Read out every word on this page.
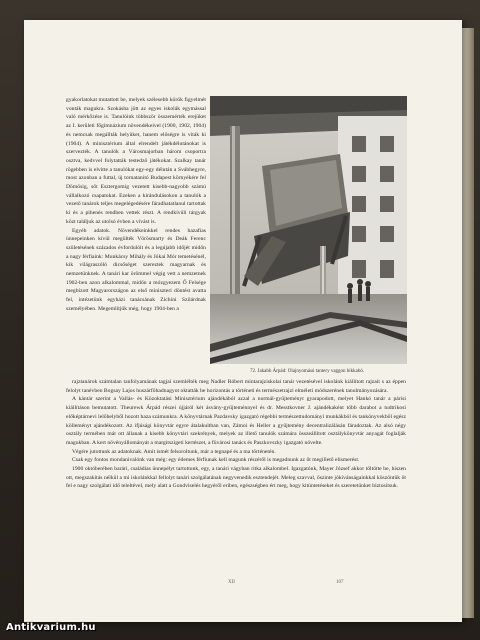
gyakorlatokat mutattott be, melyek szélesebb körök figyelmét vonták magukra. Szokásba jött az egyes iskolák egymással való mérkőzése is. Tanulóink többször összemérték erejüket az I. kerületi főgimnázium növendékeivel (1900, 1902, 1904) és nemcsak megállták helyüket, hanem előségre is viták ki (1904). A minisztérium által elrendelt játékdélutánokat is szervezték. A tanulók a Városmajorban három csoportra osztva, kedvvel folytatták testedző játékokat. Szalkay tanár rögebben is elvitte a tanulókat egy-egy délután a Svábhegyre, most azonban a futtal, új tornatanító Budapest környékére fel Dömösig, sőt Esztergomig vezetett kisebb-nagyobb számú vállalkozó csapatokat. Ezeken a kirándulásokon a tanulók a vezető tanárok teljes megelégedésére fáradhatatlanul tartottak ki és a pihenés rendben vettek részt. A rendkívüli tárgyak közt találjuk az utolsó évben a vívást is.

Egyéb adatok. Növendékeinkkel rendes hazafias ünnepeinken kívül megülték Vörösmarty és Deák Ferenc születésének százados évfordulóit és a legújabb időjét midőn a nagy férfiaink: Munkácsy Mihály és Jókai Mór temetésénél, kik világraszóló dicsőséget szereztek magyarnak és nemzetünknek. A tanári kar örömmel végig vett a nemzetnek 1902-ben azon alkalommal, midőn a mózgyezem Ő Felsége megbízott Magyarországon az első miniszteri döntést avatta fel, intézetünk egyházi tanácsának Zichini Szilárdnak személyében. Megemlítjük még, hogy 1904-ben a

72. Jakabb Árpád: Olajnyomású tantery vaggon bikkabó.

rajztanárok számtalan tanfolyamának tagjai szemlélték meg Nadler Róbert mintarajziskolai tanár vezetésével iskolánk kiállított rajzait s az éppen felolyt tanévben Bogsay Lajos huszárföhadnagyot oktatták be horizontás a történeti és természetrajzi elméleti módszerének tanulmányozására.

A kántár szerint a Vallás- és Közoktatási Minisztérium ajándékából azzal a normál-gyűjteményt gyarapodott, melyet Hankó tanár a párisi kiállításon bemutatott. Theurewk Árpád részei újjáról két ásvány-gyűjteménnyel és dr. Messtkovner J. ajándékaként több darabot a tudtrikosi előképtárnevi lelőhelyből hozott haza számunkra. A könyvtárnak Pazdavsky igazgató régebbi természettudományi munkákból és tankönyvekből egész kölleményt ajándékozott. Az ifjúsági könyvtár egyre átalakultban van, Zámoi és Heller a gyűjtemény decentralizálásán fáradoztak. Az alsó négy osztály termében már ott állanak a kisebb könyvtári szekrények, melyek az illető tanulók számára összeállított osztálykönyvtár anyagát foglalják magukban. A kert növényállományát a margitszigeti kertészet, a füvárosi tanács és Paszkovszky igazgató növelte.

Végére jutottunk az adatoknak. Amit ismét felsoroltunk, már a tegnapé és a ma történetén.

Csak egy fontos mondanivalónk van még: egy édemes férfiunak kell magunk részéről is megadnunk az őt megillető elismerést.

1900 októberében barári, családias ünnepélyt tartottunk, egy, a tanári vágyban ritka alkalombel. Igazgatónk, Mayer József akkor töltötte be, hiszen ott, megszakítás nélkül a mi iskolánkkal fellolyt tanári szolgálatának negyvenedik esztendejét. Meleg szavval, őszinte jókívánságainkkal köszöntük őt fel e nagy szolgálati idő teleltével, mely alatt a Gondviselés hegyéről eriben, egészségben ért meg, hogy kitüntetéseket és szeretetünket biztosítsuk.

XII	107

Antikvarium.hu
